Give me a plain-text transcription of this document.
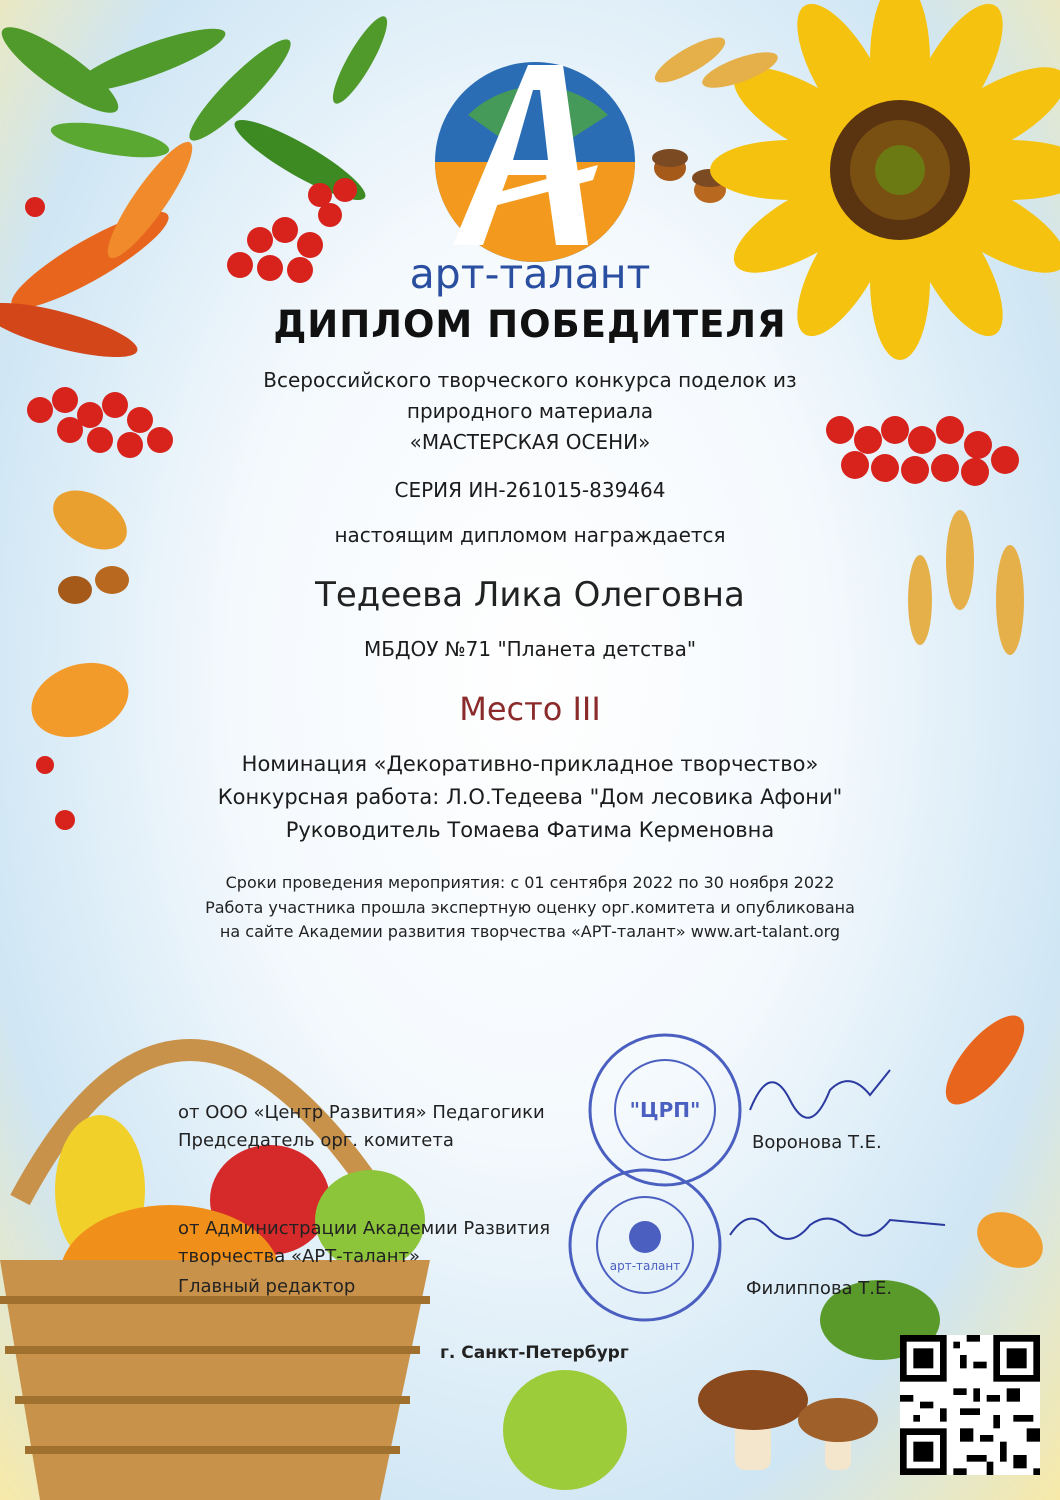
арт-талант
ДИПЛОМ ПОБЕДИТЕЛЯ
Всероссийского творческого конкурса поделок из
природного материала
«МАСТЕРСКАЯ ОСЕНИ»
СЕРИЯ ИН-261015-839464
настоящим дипломом награждается
Тедеева Лика Олеговна
МБДОУ №71 "Планета детства"
Место III
Номинация «Декоративно-прикладное творчество»
Конкурсная работа: Л.О.Тедеева "Дом лесовика Афони"
Руководитель Томаева Фатима Керменовна
Сроки проведения мероприятия: с 01 сентября 2022 по 30 ноября 2022
Работа участника прошла экспертную оценку орг.комитета и опубликована
на сайте Академии развития творчества «АРТ-талант» www.art-talant.org
"ЦРП"
арт-талант
от ООО «Центр Развития» Педагогики
Председатель орг. комитета	Воронова Т.Е.
от Администрации Академии Развития
творчества «АРТ-талант»
Главный редактор	Филиппова Т.Е.
г. Санкт-Петербург
